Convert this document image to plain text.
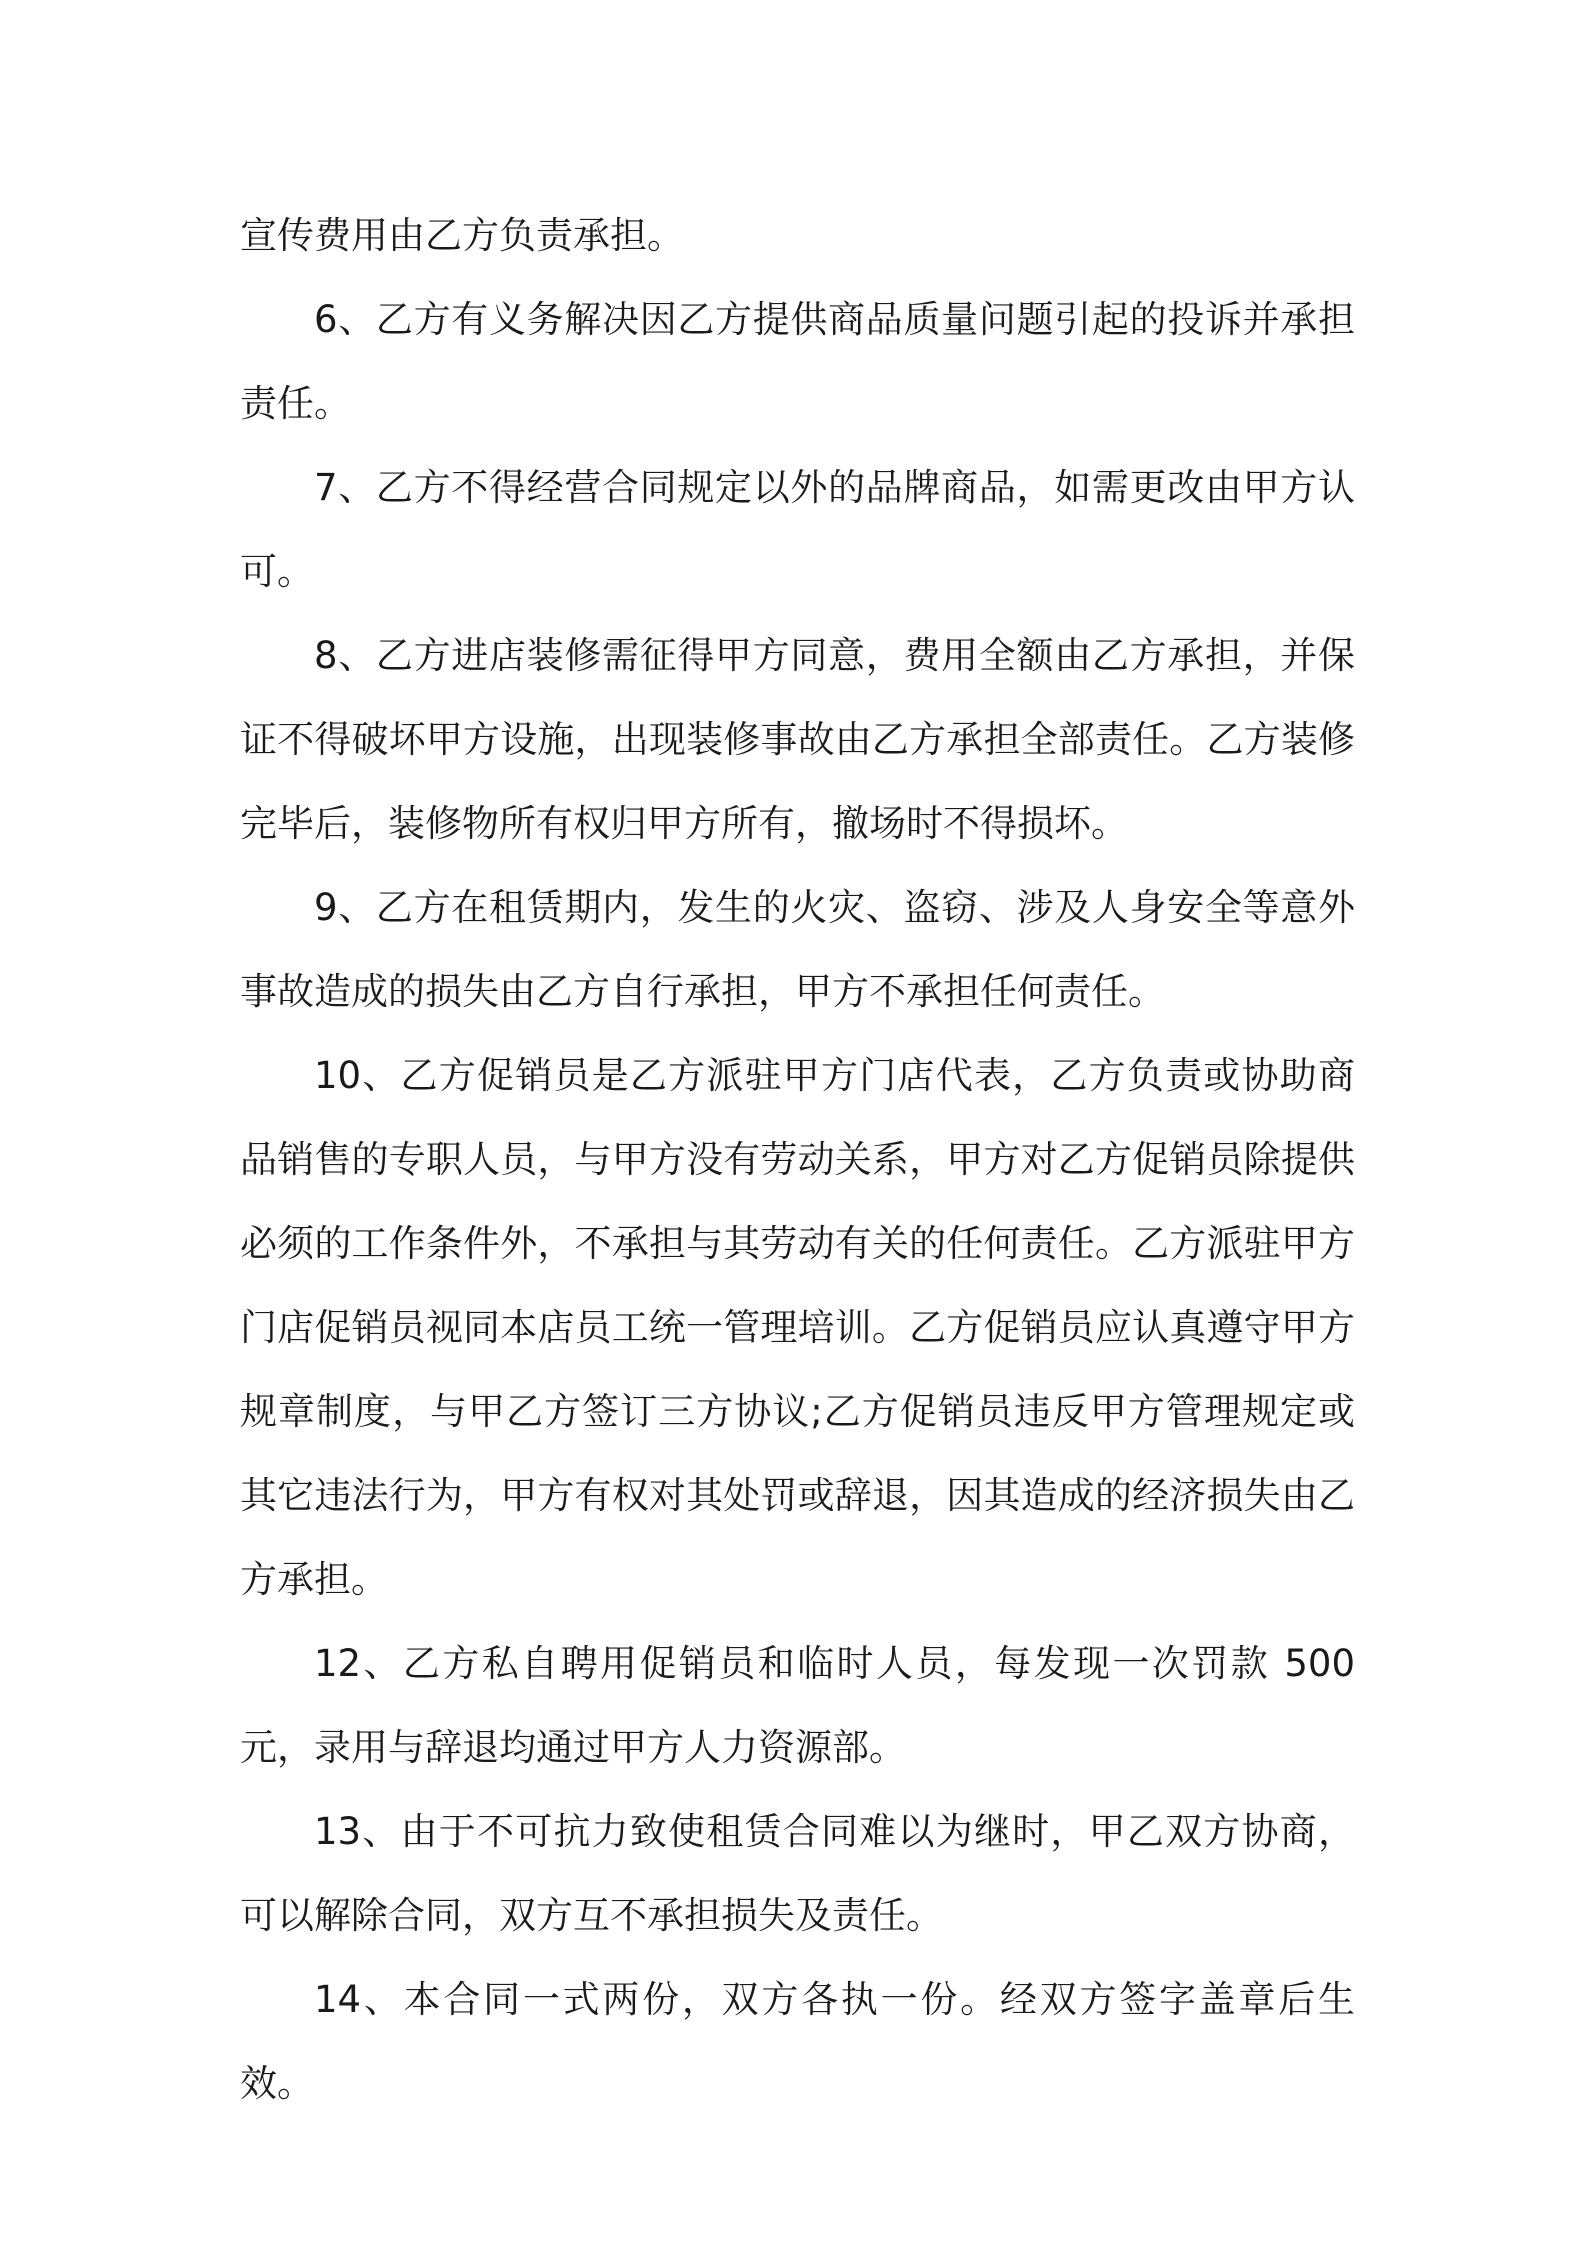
宣传费用由乙方负责承担。

6、乙方有义务解决因乙方提供商品质量问题引起的投诉并承担责任。

7、乙方不得经营合同规定以外的品牌商品，如需更改由甲方认可。

8、乙方进店装修需征得甲方同意，费用全额由乙方承担，并保证不得破坏甲方设施，出现装修事故由乙方承担全部责任。乙方装修完毕后，装修物所有权归甲方所有，撤场时不得损坏。

9、乙方在租赁期内，发生的火灾、盗窃、涉及人身安全等意外事故造成的损失由乙方自行承担，甲方不承担任何责任。

10、乙方促销员是乙方派驻甲方门店代表，乙方负责或协助商品销售的专职人员，与甲方没有劳动关系，甲方对乙方促销员除提供必须的工作条件外，不承担与其劳动有关的任何责任。乙方派驻甲方门店促销员视同本店员工统一管理培训。乙方促销员应认真遵守甲方规章制度，与甲乙方签订三方协议;乙方促销员违反甲方管理规定或其它违法行为，甲方有权对其处罚或辞退，因其造成的经济损失由乙方承担。

12、乙方私自聘用促销员和临时人员，每发现一次罚款 500 元，录用与辞退均通过甲方人力资源部。

13、由于不可抗力致使租赁合同难以为继时，甲乙双方协商，可以解除合同，双方互不承担损失及责任。

14、本合同一式两份，双方各执一份。经双方签字盖章后生效。
